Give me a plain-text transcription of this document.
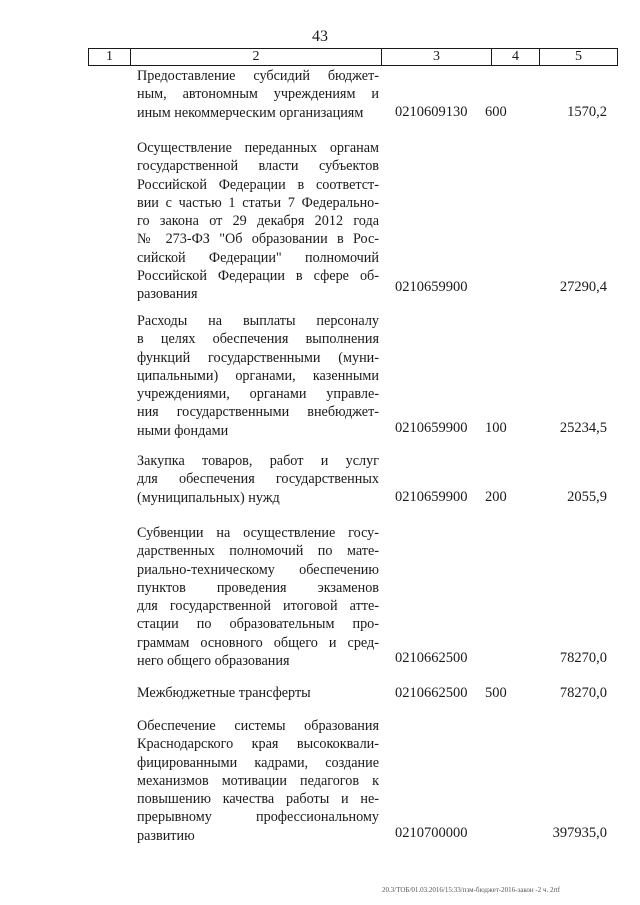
43
1	2	3	4	5
Предоставление субсидий бюджет-
ным, автономным учреждениям и
иным некоммерческим организациям	0210609130 600	1570,2
Осуществление переданных органам
государственной власти субъектов
Российской Федерации в соответст-
вии с частью 1 статьи 7 Федерально-
го закона от 29 декабря 2012 года
№ 273-ФЗ "Об образовании в Рос-
сийской Федерации" полномочий
Российской Федерации в сфере об-
разования	0210659900	27290,4
Расходы на выплаты персоналу
в целях обеспечения выполнения
функций государственными (муни-
ципальными) органами, казенными
учреждениями, органами управле-
ния государственными внебюджет-
ными фондами	0210659900 100	25234,5
Закупка товаров, работ и услуг
для обеспечения государственных
(муниципальных) нужд	0210659900 200	2055,9
Субвенции на осуществление госу-
дарственных полномочий по мате-
риально-техническому обеспечению
пунктов проведения экзаменов
для государственной итоговой атте-
стации по образовательным про-
граммам основного общего и сред-
него общего образования	0210662500	78270,0
Межбюджетные трансферты	0210662500 500	78270,0
Обеспечение системы образования
Краснодарского края высококвали-
фицированными кадрами, создание
механизмов мотивации педагогов к
повышению качества работы и не-
прерывному профессиональному
развитию	0210700000	397935,0
20.3/ТОБ/01.03.2016/15:33/пзм-бюджет-2016-закон -2 ч. 2rtf
